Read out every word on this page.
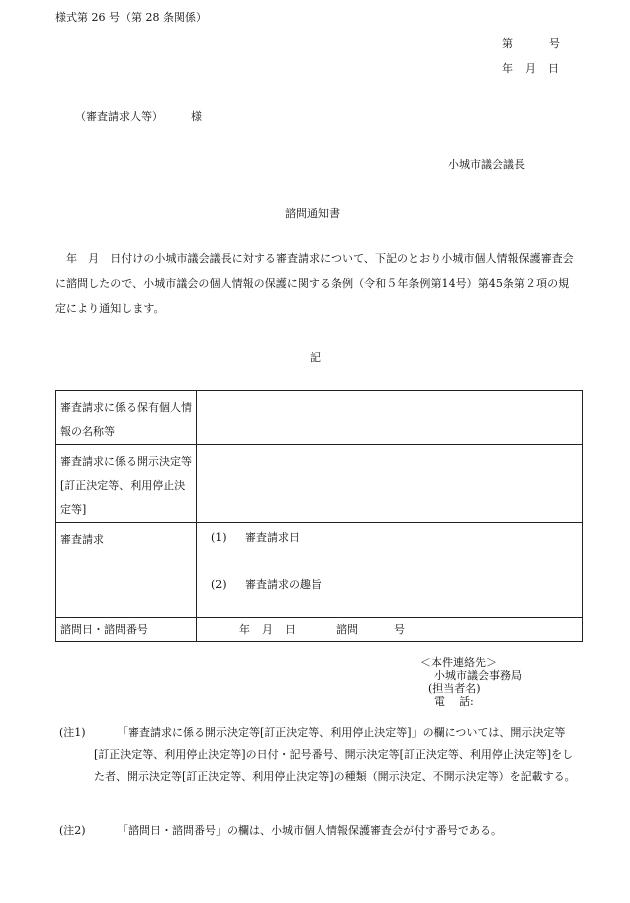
様式第 26 号（第 28 条関係）
第	号
年 月 日
（審査請求人等）	様
小城市議会議長
諮問通知書
年　月　日付けの小城市議会議長に対する審査請求について、下記のとおり小城市個人情報保護審査会に諮問したので、小城市議会の個人情報の保護に関する条例（令和５年条例第14号）第45条第２項の規定により通知します。
記
審査請求に係る保有個人情報の名称等	
審査請求に係る開示決定等[訂正決定等、利用停止決定等]	
審査請求	(1) 審査請求日
(2) 審査請求の趣旨

諮問日・諮問番号	年 月 日 諮問 号
＜本件連絡先＞
小城市議会事務局
(担当者名)
電 話:
(注1)	「審査請求に係る開示決定等[訂正決定等、利用停止決定等]」の欄については、開示決定等[訂正決定等、利用停止決定等]の日付・記号番号、開示決定等[訂正決定等、利用停止決定等]をした者、開示決定等[訂正決定等、利用停止決定等]の種類（開示決定、不開示決定等）を記載する。
(注2)	「諮問日・諮問番号」の欄は、小城市個人情報保護審査会が付す番号である。
